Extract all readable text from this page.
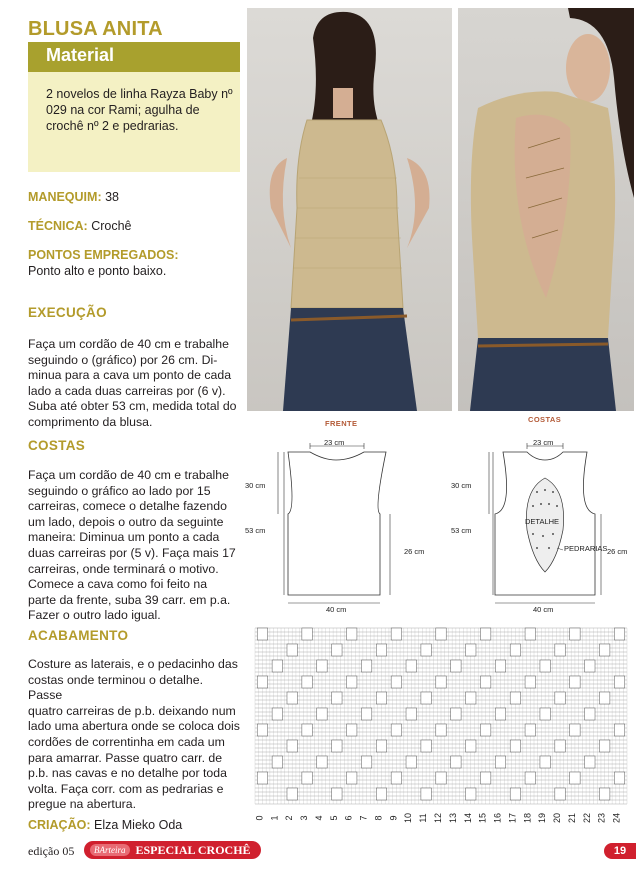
BLUSA ANITA
Material

2 novelos de linha Rayza Baby nº 029 na cor Rami; agulha de crochê nº 2 e pedrarias.

MANEQUIM: 38
TÉCNICA: Crochê
PONTOS EMPREGADOS:
Ponto alto e ponto baixo.
EXECUÇÃO
Faça um cordão de 40 cm e trabalhe
seguindo o (gráfico) por 26 cm. Di-
minua para a cava um ponto de cada
lado a cada duas carreiras por (6 v).
Suba até obter 53 cm, medida total do
comprimento da blusa.
COSTAS
Faça um cordão de 40 cm e trabalhe
seguindo o gráfico ao lado por 15
carreiras, comece o detalhe fazendo
um lado, depois o outro da seguinte
maneira: Diminua um ponto a cada
duas carreiras por (5 v). Faça mais 17
carreiras, onde terminará o motivo.
Comece a cava como foi feito na
parte da frente, suba 39 carr. em p.a.
Fazer o outro lado igual.
ACABAMENTO
Costure as laterais, e o pedacinho das
costas onde terminou o detalhe. Passe
quatro carreiras de p.b. deixando num
lado uma abertura onde se coloca dois
cordões de correntinha em cada um
para amarrar. Passe quatro carr. de
p.b. nas cavas e no detalhe por toda
volta. Faça corr. com as pedrarias e
pregue na abertura.
CRIAÇÃO: Elza Mieko Oda
FRENTE	COSTAS
23 cm
30 cm
53 cm
26 cm
40 cm
DETALHE
PEDRARIAS
23 cm
30 cm
53 cm
26 cm
40 cm
0 1 2 3 4 5 6 7 8 9 10 11 12 13 14 15 16 17 18 19 20 21 22 23 24
edição 05	BArteira ESPECIAL CROCHÊ	19
